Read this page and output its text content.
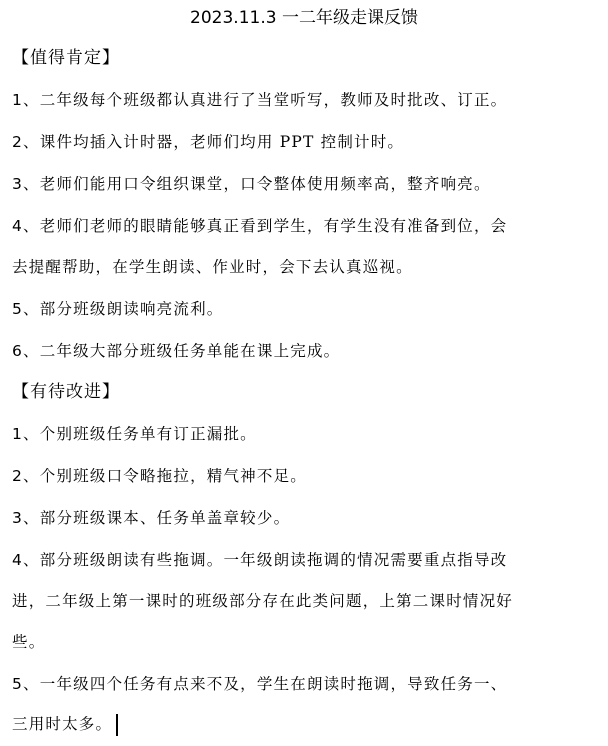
2023.11.3 一二年级走课反馈
【值得肯定】
1、二年级每个班级都认真进行了当堂听写，教师及时批改、订正。
2、课件均插入计时器，老师们均用 PPT 控制计时。
3、老师们能用口令组织课堂，口令整体使用频率高，整齐响亮。
4、老师们老师的眼睛能够真正看到学生，有学生没有准备到位，会
去提醒帮助，在学生朗读、作业时，会下去认真巡视。
5、部分班级朗读响亮流利。
6、二年级大部分班级任务单能在课上完成。
【有待改进】
1、个别班级任务单有订正漏批。
2、个别班级口令略拖拉，精气神不足。
3、部分班级课本、任务单盖章较少。
4、部分班级朗读有些拖调。一年级朗读拖调的情况需要重点指导改
进，二年级上第一课时的班级部分存在此类问题，上第二课时情况好
些。
5、一年级四个任务有点来不及，学生在朗读时拖调，导致任务一、
三用时太多。
